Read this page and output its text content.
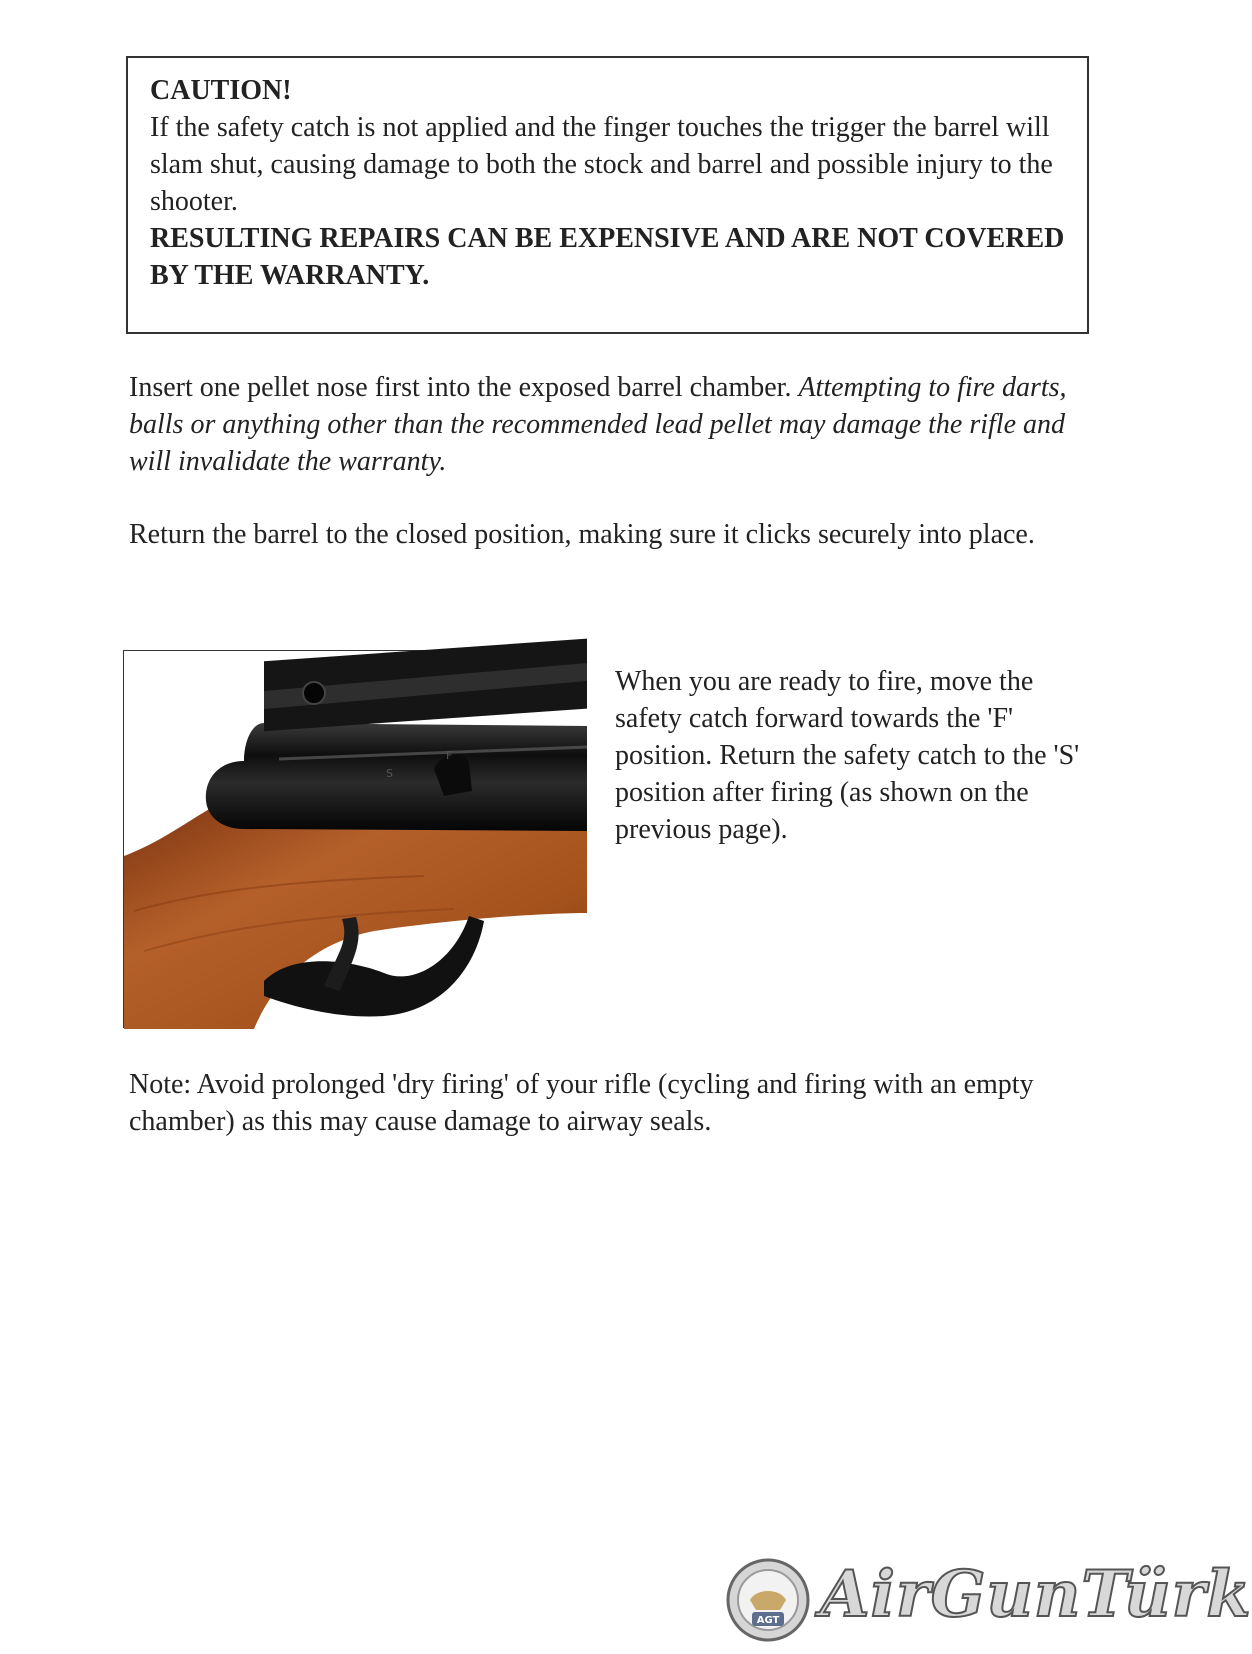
CAUTION!
If the safety catch is not applied and the finger touches the trigger the barrel will slam shut, causing damage to both the stock and barrel and possible injury to the shooter.
RESULTING REPAIRS CAN BE EXPENSIVE AND ARE NOT COVERED BY THE WARRANTY.

Insert one pellet nose first into the exposed barrel chamber. Attempting to fire darts, balls or anything other than the recommended lead pellet may damage the rifle and will invalidate the warranty.

Return the barrel to the closed position, making sure it clicks securely into place.

S
F

When you are ready to fire, move the safety catch forward towards the 'F' position. Return the safety catch to the 'S' position after firing (as shown on the previous page).

Note: Avoid prolonged 'dry firing' of your rifle (cycling and firing with an empty chamber) as this may cause damage to airway seals.

AGT AirGunTürk
